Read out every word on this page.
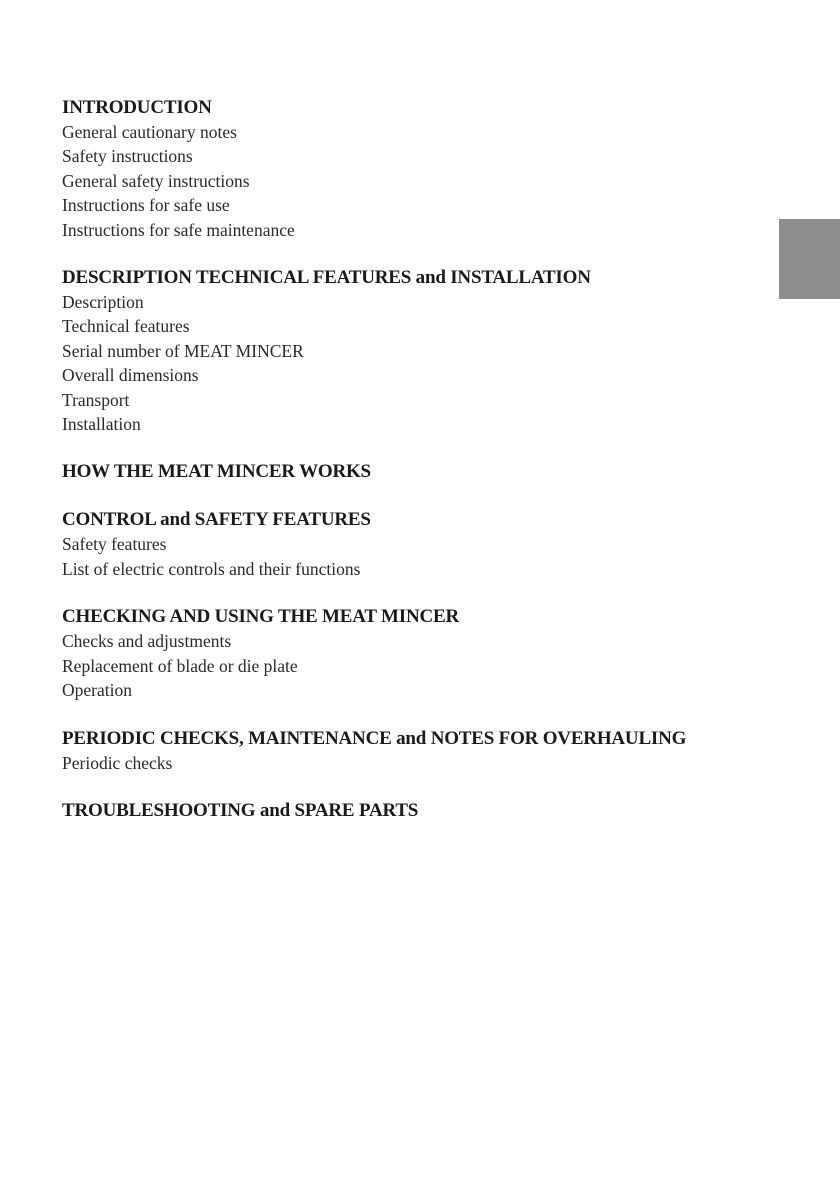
INTRODUCTION
General cautionary notes
Safety instructions
General safety instructions
Instructions for safe use
Instructions for safe maintenance
DESCRIPTION TECHNICAL FEATURES and INSTALLATION
Description
Technical features
Serial number of MEAT MINCER
Overall dimensions
Transport
Installation
HOW THE MEAT MINCER WORKS
CONTROL and SAFETY FEATURES
Safety features
List of electric controls and their functions
CHECKING AND USING THE MEAT MINCER
Checks and adjustments
Replacement of blade or die plate
Operation
PERIODIC CHECKS, MAINTENANCE and NOTES FOR OVERHAULING
Periodic checks
TROUBLESHOOTING and SPARE PARTS
